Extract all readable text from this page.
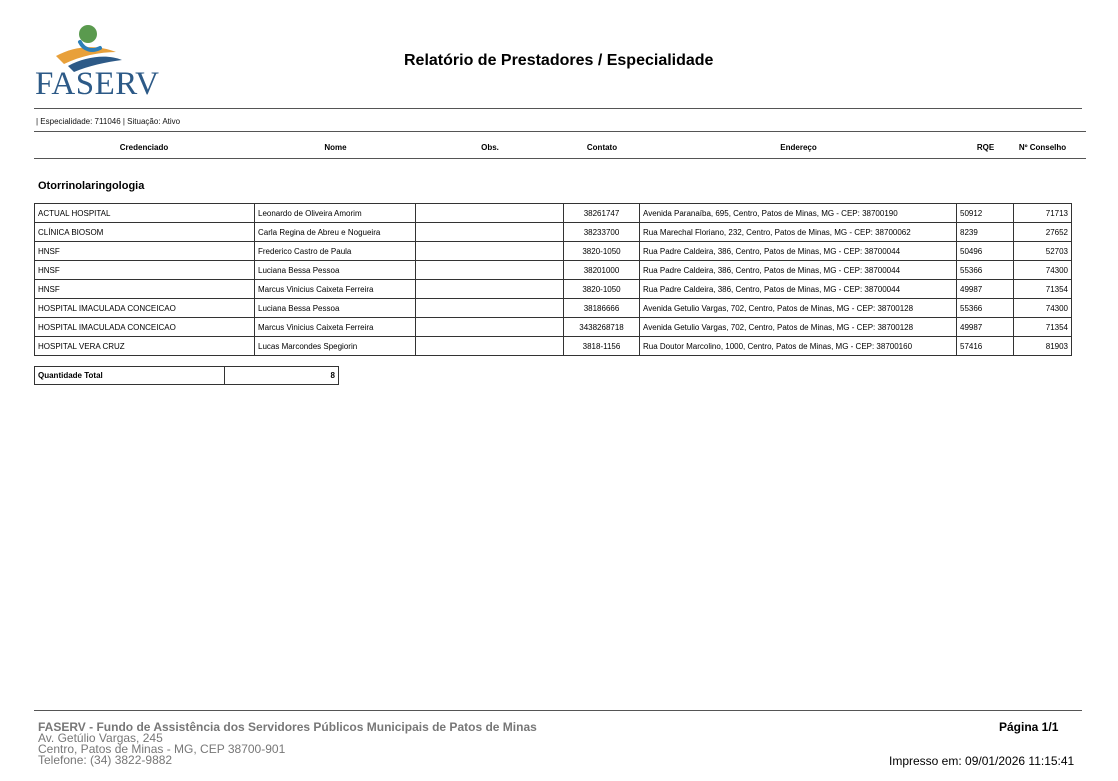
FASERV
Relatório de Prestadores / Especialidade
| Especialidade: 711046 | Situação: Ativo
Credenciado	Nome	Obs.	Contato	Endereço	RQE	Nº Conselho
Otorrinolaringologia
ACTUAL HOSPITAL	Leonardo de Oliveira Amorim		38261747	Avenida Paranaíba, 695, Centro, Patos de Minas, MG - CEP: 38700190	50912	71713
CLÍNICA BIOSOM	Carla Regina de Abreu e Nogueira		38233700	Rua Marechal Floriano, 232, Centro, Patos de Minas, MG - CEP: 38700062	8239	27652
HNSF	Frederico Castro de Paula		3820-1050	Rua Padre Caldeira, 386, Centro, Patos de Minas, MG - CEP: 38700044	50496	52703
HNSF	Luciana Bessa Pessoa		38201000	Rua Padre Caldeira, 386, Centro, Patos de Minas, MG - CEP: 38700044	55366	74300
HNSF	Marcus Vinicius Caixeta Ferreira		3820-1050	Rua Padre Caldeira, 386, Centro, Patos de Minas, MG - CEP: 38700044	49987	71354
HOSPITAL IMACULADA CONCEICAO	Luciana Bessa Pessoa		38186666	Avenida Getulio Vargas, 702, Centro, Patos de Minas, MG - CEP: 38700128	55366	74300
HOSPITAL IMACULADA CONCEICAO	Marcus Vinicius Caixeta Ferreira		3438268718	Avenida Getulio Vargas, 702, Centro, Patos de Minas, MG - CEP: 38700128	49987	71354
HOSPITAL VERA CRUZ	Lucas Marcondes Spegiorin		3818-1156	Rua Doutor Marcolino, 1000, Centro, Patos de Minas, MG - CEP: 38700160	57416	81903
Quantidade Total	8
FASERV - Fundo de Assistência dos Servidores Públicos Municipais de Patos de Minas
Av. Getúlio Vargas, 245
Centro, Patos de Minas - MG, CEP 38700-901
Telefone: (34) 3822-9882
Página 1/1
Impresso em: 09/01/2026 11:15:41
